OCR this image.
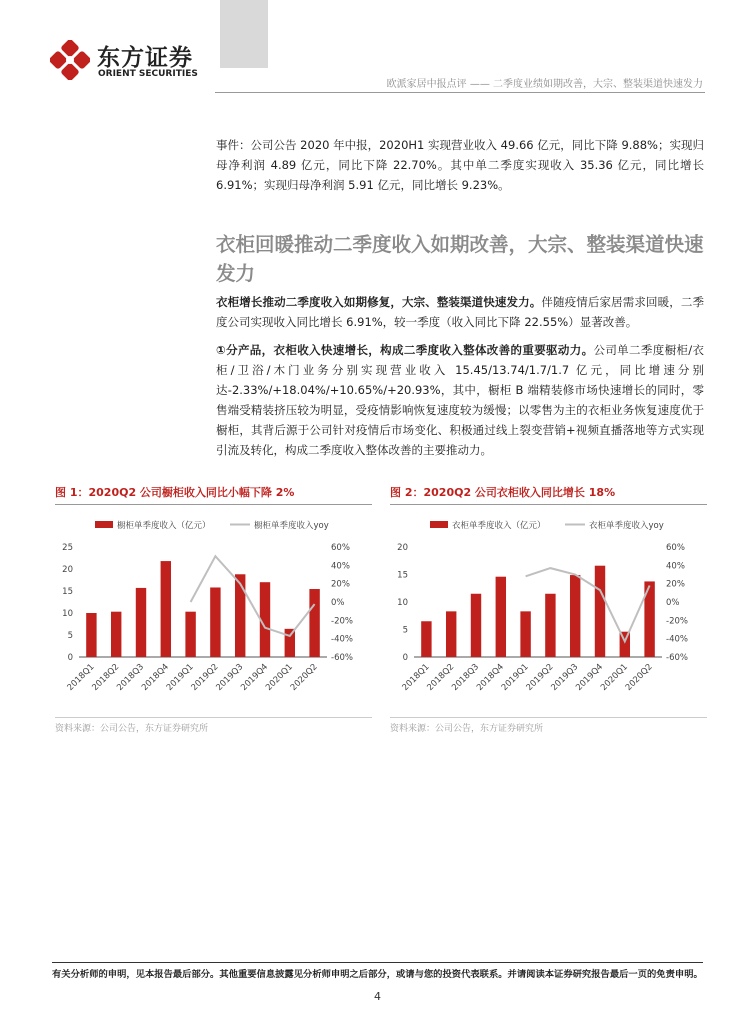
东方证券
ORIENT SECURITIES
欧派家居中报点评 —— 二季度业绩如期改善，大宗、整装渠道快速发力
事件：公司公告 2020 年中报，2020H1 实现营业收入 49.66 亿元，同比下降 9.88%；实现归母净利润 4.89 亿元，同比下降 22.70%。其中单二季度实现收入 35.36 亿元，同比增长 6.91%；实现归母净利润 5.91 亿元，同比增长 9.23%。
衣柜回暖推动二季度收入如期改善，大宗、整装渠道快速发力
衣柜增长推动二季度收入如期修复，大宗、整装渠道快速发力。伴随疫情后家居需求回暖，二季度公司实现收入同比增长 6.91%，较一季度（收入同比下降 22.55%）显著改善。
①分产品，衣柜收入快速增长，构成二季度收入整体改善的重要驱动力。公司单二季度橱柜/衣柜/卫浴/木门业务分别实现营业收入 15.45/13.74/1.7/1.7 亿元，同比增速分别达-2.33%/+18.04%/+10.65%/+20.93%，其中，橱柜 B 端精装修市场快速增长的同时，零售端受精装挤压较为明显，受疫情影响恢复速度较为缓慢；以零售为主的衣柜业务恢复速度优于橱柜，其背后源于公司针对疫情后市场变化、积极通过线上裂变营销+视频直播落地等方式实现引流及转化，构成二季度收入整体改善的主要推动力。
图 1：2020Q2 公司橱柜收入同比小幅下降 2%
橱柜单季度收入（亿元）	橱柜单季度收入yoy
0
5
10
15
20
25
-60%
-40%
-20%
0%
20%
40%
60%
2018Q1
2018Q2
2018Q3
2018Q4
2019Q1
2019Q2
2019Q3
2019Q4
2020Q1
2020Q2
资料来源：公司公告，东方证券研究所
图 2：2020Q2 公司衣柜收入同比增长 18%
衣柜单季度收入（亿元）	衣柜单季度收入yoy
0
5
10
15
20
-60%
-40%
-20%
0%
20%
40%
60%
2018Q1
2018Q2
2018Q3
2018Q4
2019Q1
2019Q2
2019Q3
2019Q4
2020Q1
2020Q2
资料来源：公司公告，东方证券研究所
有关分析师的申明，见本报告最后部分。其他重要信息披露见分析师申明之后部分，或请与您的投资代表联系。并请阅读本证券研究报告最后一页的免责申明。
4
